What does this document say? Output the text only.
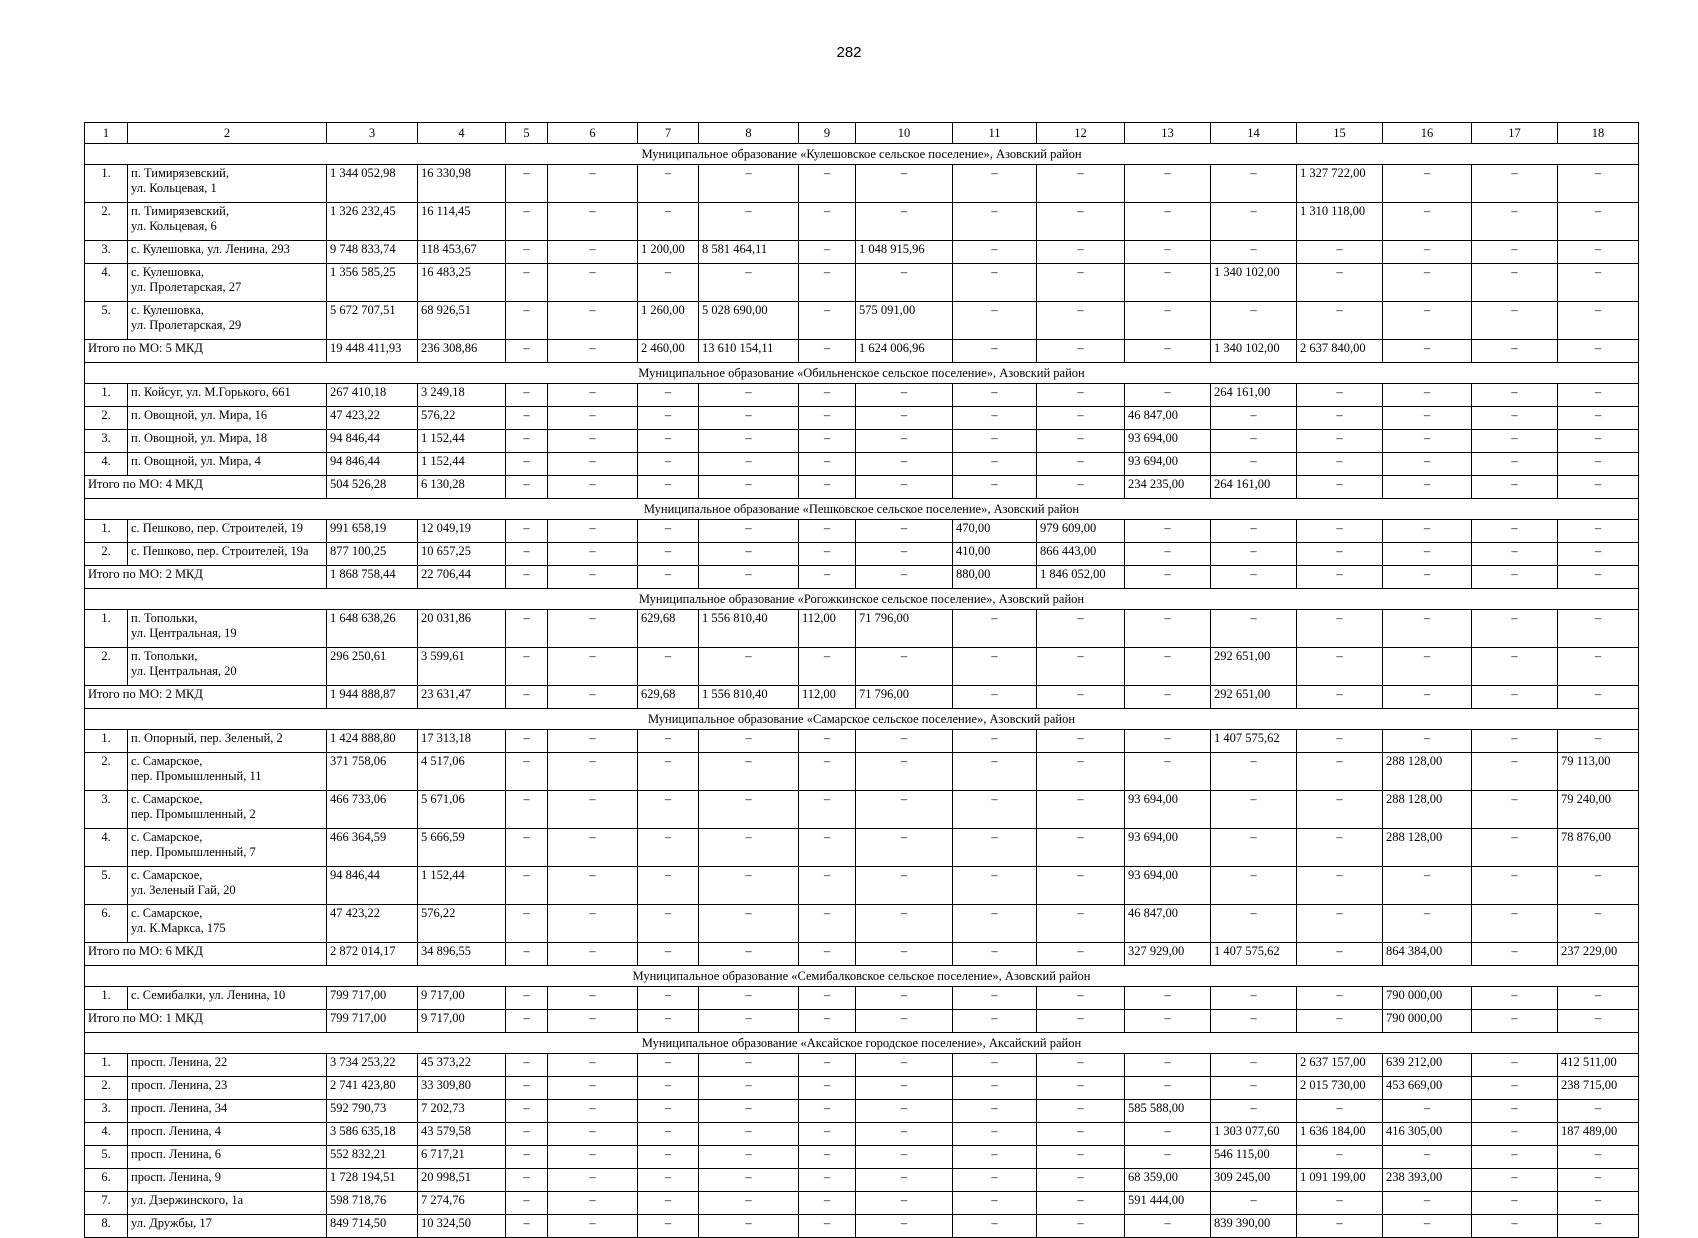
282
1	2	3	4	5	6	7	8	9	10	11	12	13	14	15	16	17	18
Муниципальное образование «Кулешовское сельское поселение», Азовский район																	
1.	п. Тимирязевский,
ул. Кольцевая, 1	1 344 052,98	16 330,98	–	–	–	–	–	–	–	–	–	–	1 327 722,00	–	–	–
2.	п. Тимирязевский,
ул. Кольцевая, 6	1 326 232,45	16 114,45	–	–	–	–	–	–	–	–	–	–	1 310 118,00	–	–	–
3.	с. Кулешовка, ул. Ленина, 293	9 748 833,74	118 453,67	–	–	1 200,00	8 581 464,11	–	1 048 915,96	–	–	–	–	–	–	–	–
4.	с. Кулешовка,
ул. Пролетарская, 27	1 356 585,25	16 483,25	–	–	–	–	–	–	–	–	–	1 340 102,00	–	–	–	–
5.	с. Кулешовка,
ул. Пролетарская, 29	5 672 707,51	68 926,51	–	–	1 260,00	5 028 690,00	–	575 091,00	–	–	–	–	–	–	–	–
Итого по МО: 5 МКД		19 448 411,93	236 308,86	–	–	2 460,00	13 610 154,11	–	1 624 006,96	–	–	–	1 340 102,00	2 637 840,00	–	–	–
Муниципальное образование «Обильненское сельское поселение», Азовский район																	
1.	п. Койсуг, ул. М.Горького, 661	267 410,18	3 249,18	–	–	–	–	–	–	–	–	–	264 161,00	–	–	–	–
2.	п. Овощной, ул. Мира, 16	47 423,22	576,22	–	–	–	–	–	–	–	–	46 847,00	–	–	–	–	–
3.	п. Овощной, ул. Мира, 18	94 846,44	1 152,44	–	–	–	–	–	–	–	–	93 694,00	–	–	–	–	–
4.	п. Овощной, ул. Мира, 4	94 846,44	1 152,44	–	–	–	–	–	–	–	–	93 694,00	–	–	–	–	–
Итого по МО: 4 МКД		504 526,28	6 130,28	–	–	–	–	–	–	–	–	234 235,00	264 161,00	–	–	–	–
Муниципальное образование «Пешковское сельское поселение», Азовский район																	
1.	с. Пешково, пер. Строителей, 19	991 658,19	12 049,19	–	–	–	–	–	–	470,00	979 609,00	–	–	–	–	–	–
2.	с. Пешково, пер. Строителей, 19а	877 100,25	10 657,25	–	–	–	–	–	–	410,00	866 443,00	–	–	–	–	–	–
Итого по МО: 2 МКД		1 868 758,44	22 706,44	–	–	–	–	–	–	880,00	1 846 052,00	–	–	–	–	–	–
Муниципальное образование «Рогожкинское сельское поселение», Азовский район																	
1.	п. Топольки,
ул. Центральная, 19	1 648 638,26	20 031,86	–	–	629,68	1 556 810,40	112,00	71 796,00	–	–	–	–	–	–	–	–
2.	п. Топольки,
ул. Центральная, 20	296 250,61	3 599,61	–	–	–	–	–	–	–	–	–	292 651,00	–	–	–	–
Итого по МО: 2 МКД		1 944 888,87	23 631,47	–	–	629,68	1 556 810,40	112,00	71 796,00	–	–	–	292 651,00	–	–	–	–
Муниципальное образование «Самарское сельское поселение», Азовский район																	
1.	п. Опорный, пер. Зеленый, 2	1 424 888,80	17 313,18	–	–	–	–	–	–	–	–	–	1 407 575,62	–	–	–	–
2.	с. Самарское,
пер. Промышленный, 11	371 758,06	4 517,06	–	–	–	–	–	–	–	–	–	–	–	288 128,00	–	79 113,00
3.	с. Самарское,
пер. Промышленный, 2	466 733,06	5 671,06	–	–	–	–	–	–	–	–	93 694,00	–	–	288 128,00	–	79 240,00
4.	с. Самарское,
пер. Промышленный, 7	466 364,59	5 666,59	–	–	–	–	–	–	–	–	93 694,00	–	–	288 128,00	–	78 876,00
5.	с. Самарское,
ул. Зеленый Гай, 20	94 846,44	1 152,44	–	–	–	–	–	–	–	–	93 694,00	–	–	–	–	–
6.	с. Самарское,
ул. К.Маркса, 175	47 423,22	576,22	–	–	–	–	–	–	–	–	46 847,00	–	–	–	–	–
Итого по МО: 6 МКД		2 872 014,17	34 896,55	–	–	–	–	–	–	–	–	327 929,00	1 407 575,62	–	864 384,00	–	237 229,00
Муниципальное образование «Семибалковское сельское поселение», Азовский район																	
1.	с. Семибалки, ул. Ленина, 10	799 717,00	9 717,00	–	–	–	–	–	–	–	–	–	–	–	790 000,00	–	–
Итого по МО: 1 МКД		799 717,00	9 717,00	–	–	–	–	–	–	–	–	–	–	–	790 000,00	–	–
Муниципальное образование «Аксайское городское поселение», Аксайский район																	
1.	просп. Ленина, 22	3 734 253,22	45 373,22	–	–	–	–	–	–	–	–	–	–	2 637 157,00	639 212,00	–	412 511,00
2.	просп. Ленина, 23	2 741 423,80	33 309,80	–	–	–	–	–	–	–	–	–	–	2 015 730,00	453 669,00	–	238 715,00
3.	просп. Ленина, 34	592 790,73	7 202,73	–	–	–	–	–	–	–	–	585 588,00	–	–	–	–	–
4.	просп. Ленина, 4	3 586 635,18	43 579,58	–	–	–	–	–	–	–	–	–	1 303 077,60	1 636 184,00	416 305,00	–	187 489,00
5.	просп. Ленина, 6	552 832,21	6 717,21	–	–	–	–	–	–	–	–	–	546 115,00	–	–	–	–
6.	просп. Ленина, 9	1 728 194,51	20 998,51	–	–	–	–	–	–	–	–	68 359,00	309 245,00	1 091 199,00	238 393,00	–	–
7.	ул. Дзержинского, 1а	598 718,76	7 274,76	–	–	–	–	–	–	–	–	591 444,00	–	–	–	–	–
8.	ул. Дружбы, 17	849 714,50	10 324,50	–	–	–	–	–	–	–	–	–	839 390,00	–	–	–	–
